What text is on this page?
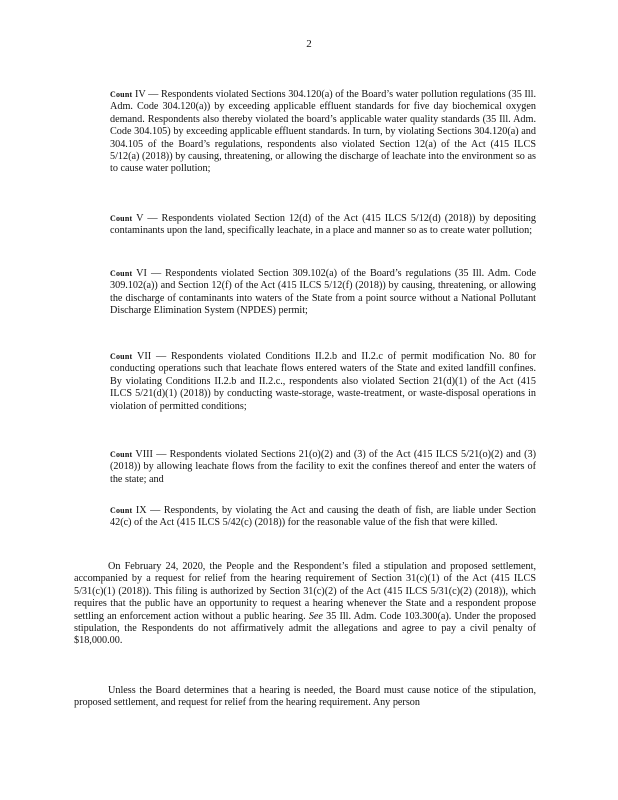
2
Count IV — Respondents violated Sections 304.120(a) of the Board’s water pollution regulations (35 Ill. Adm. Code 304.120(a)) by exceeding applicable effluent standards for five day biochemical oxygen demand. Respondents also thereby violated the board’s applicable water quality standards (35 Ill. Adm. Code 304.105) by exceeding applicable effluent standards. In turn, by violating Sections 304.120(a) and 304.105 of the Board’s regulations, respondents also violated Section 12(a) of the Act (415 ILCS 5/12(a) (2018)) by causing, threatening, or allowing the discharge of leachate into the environment so as to cause water pollution;
Count V — Respondents violated Section 12(d) of the Act (415 ILCS 5/12(d) (2018)) by depositing contaminants upon the land, specifically leachate, in a place and manner so as to create water pollution;
Count VI — Respondents violated Section 309.102(a) of the Board’s regulations (35 Ill. Adm. Code 309.102(a)) and Section 12(f) of the Act (415 ILCS 5/12(f) (2018)) by causing, threatening, or allowing the discharge of contaminants into waters of the State from a point source without a National Pollutant Discharge Elimination System (NPDES) permit;
Count VII — Respondents violated Conditions II.2.b and II.2.c of permit modification No. 80 for conducting operations such that leachate flows entered waters of the State and exited landfill confines. By violating Conditions II.2.b and II.2.c., respondents also violated Section 21(d)(1) of the Act (415 ILCS 5/21(d)(1) (2018)) by conducting waste-storage, waste-treatment, or waste-disposal operations in violation of permitted conditions;
Count VIII — Respondents violated Sections 21(o)(2) and (3) of the Act (415 ILCS 5/21(o)(2) and (3) (2018)) by allowing leachate flows from the facility to exit the confines thereof and enter the waters of the state; and
Count IX — Respondents, by violating the Act and causing the death of fish, are liable under Section 42(c) of the Act (415 ILCS 5/42(c) (2018)) for the reasonable value of the fish that were killed.
On February 24, 2020, the People and the Respondent’s filed a stipulation and proposed settlement, accompanied by a request for relief from the hearing requirement of Section 31(c)(1) of the Act (415 ILCS 5/31(c)(1) (2018)). This filing is authorized by Section 31(c)(2) of the Act (415 ILCS 5/31(c)(2) (2018)), which requires that the public have an opportunity to request a hearing whenever the State and a respondent propose settling an enforcement action without a public hearing. See 35 Ill. Adm. Code 103.300(a). Under the proposed stipulation, the Respondents do not affirmatively admit the allegations and agree to pay a civil penalty of $18,000.00.
Unless the Board determines that a hearing is needed, the Board must cause notice of the stipulation, proposed settlement, and request for relief from the hearing requirement. Any person
